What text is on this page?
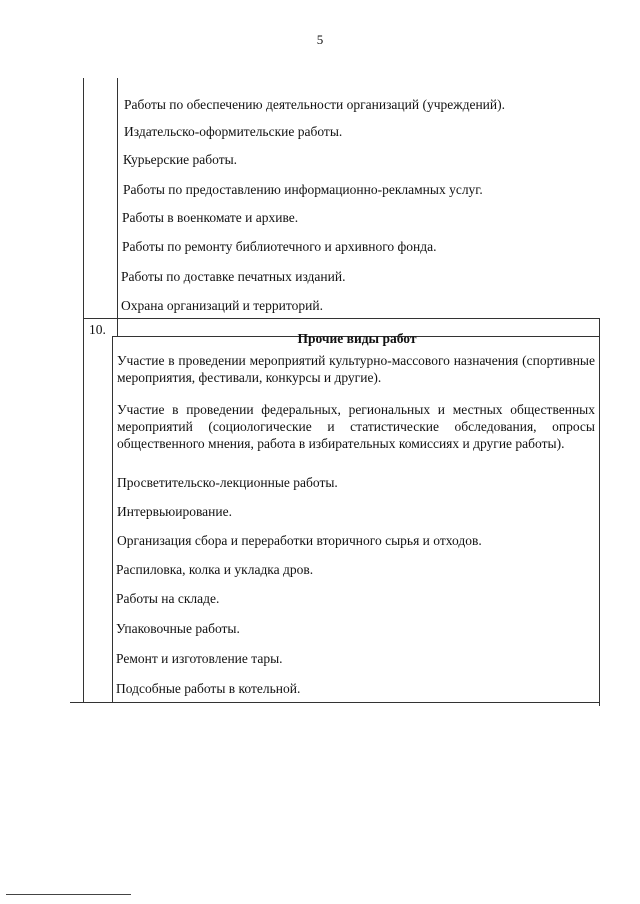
5

Работы по обеспечению деятельности организаций (учреждений).

Издательско-оформительские работы.

Курьерские работы.

Работы по предоставлению информационно-рекламных услуг.

Работы в военкомате и архиве.

Работы по ремонту библиотечного и архивного фонда.

Работы по доставке печатных изданий.

Охрана организаций и территорий.

10.
Прочие виды работ

Участие в проведении мероприятий культурно-массового назначения (спортивные мероприятия, фестивали, конкурсы и другие).

Участие в проведении федеральных, региональных и местных общественных мероприятий (социологические и статистические обследования, опросы общественного мнения, работа в избирательных комиссиях и другие работы).

Просветительско-лекционные работы.

Интервьюирование.

Организация сбора и переработки вторичного сырья и отходов.

Распиловка, колка и укладка дров.

Работы на складе.

Упаковочные работы.

Ремонт и изготовление тары.

Подсобные работы в котельной.
